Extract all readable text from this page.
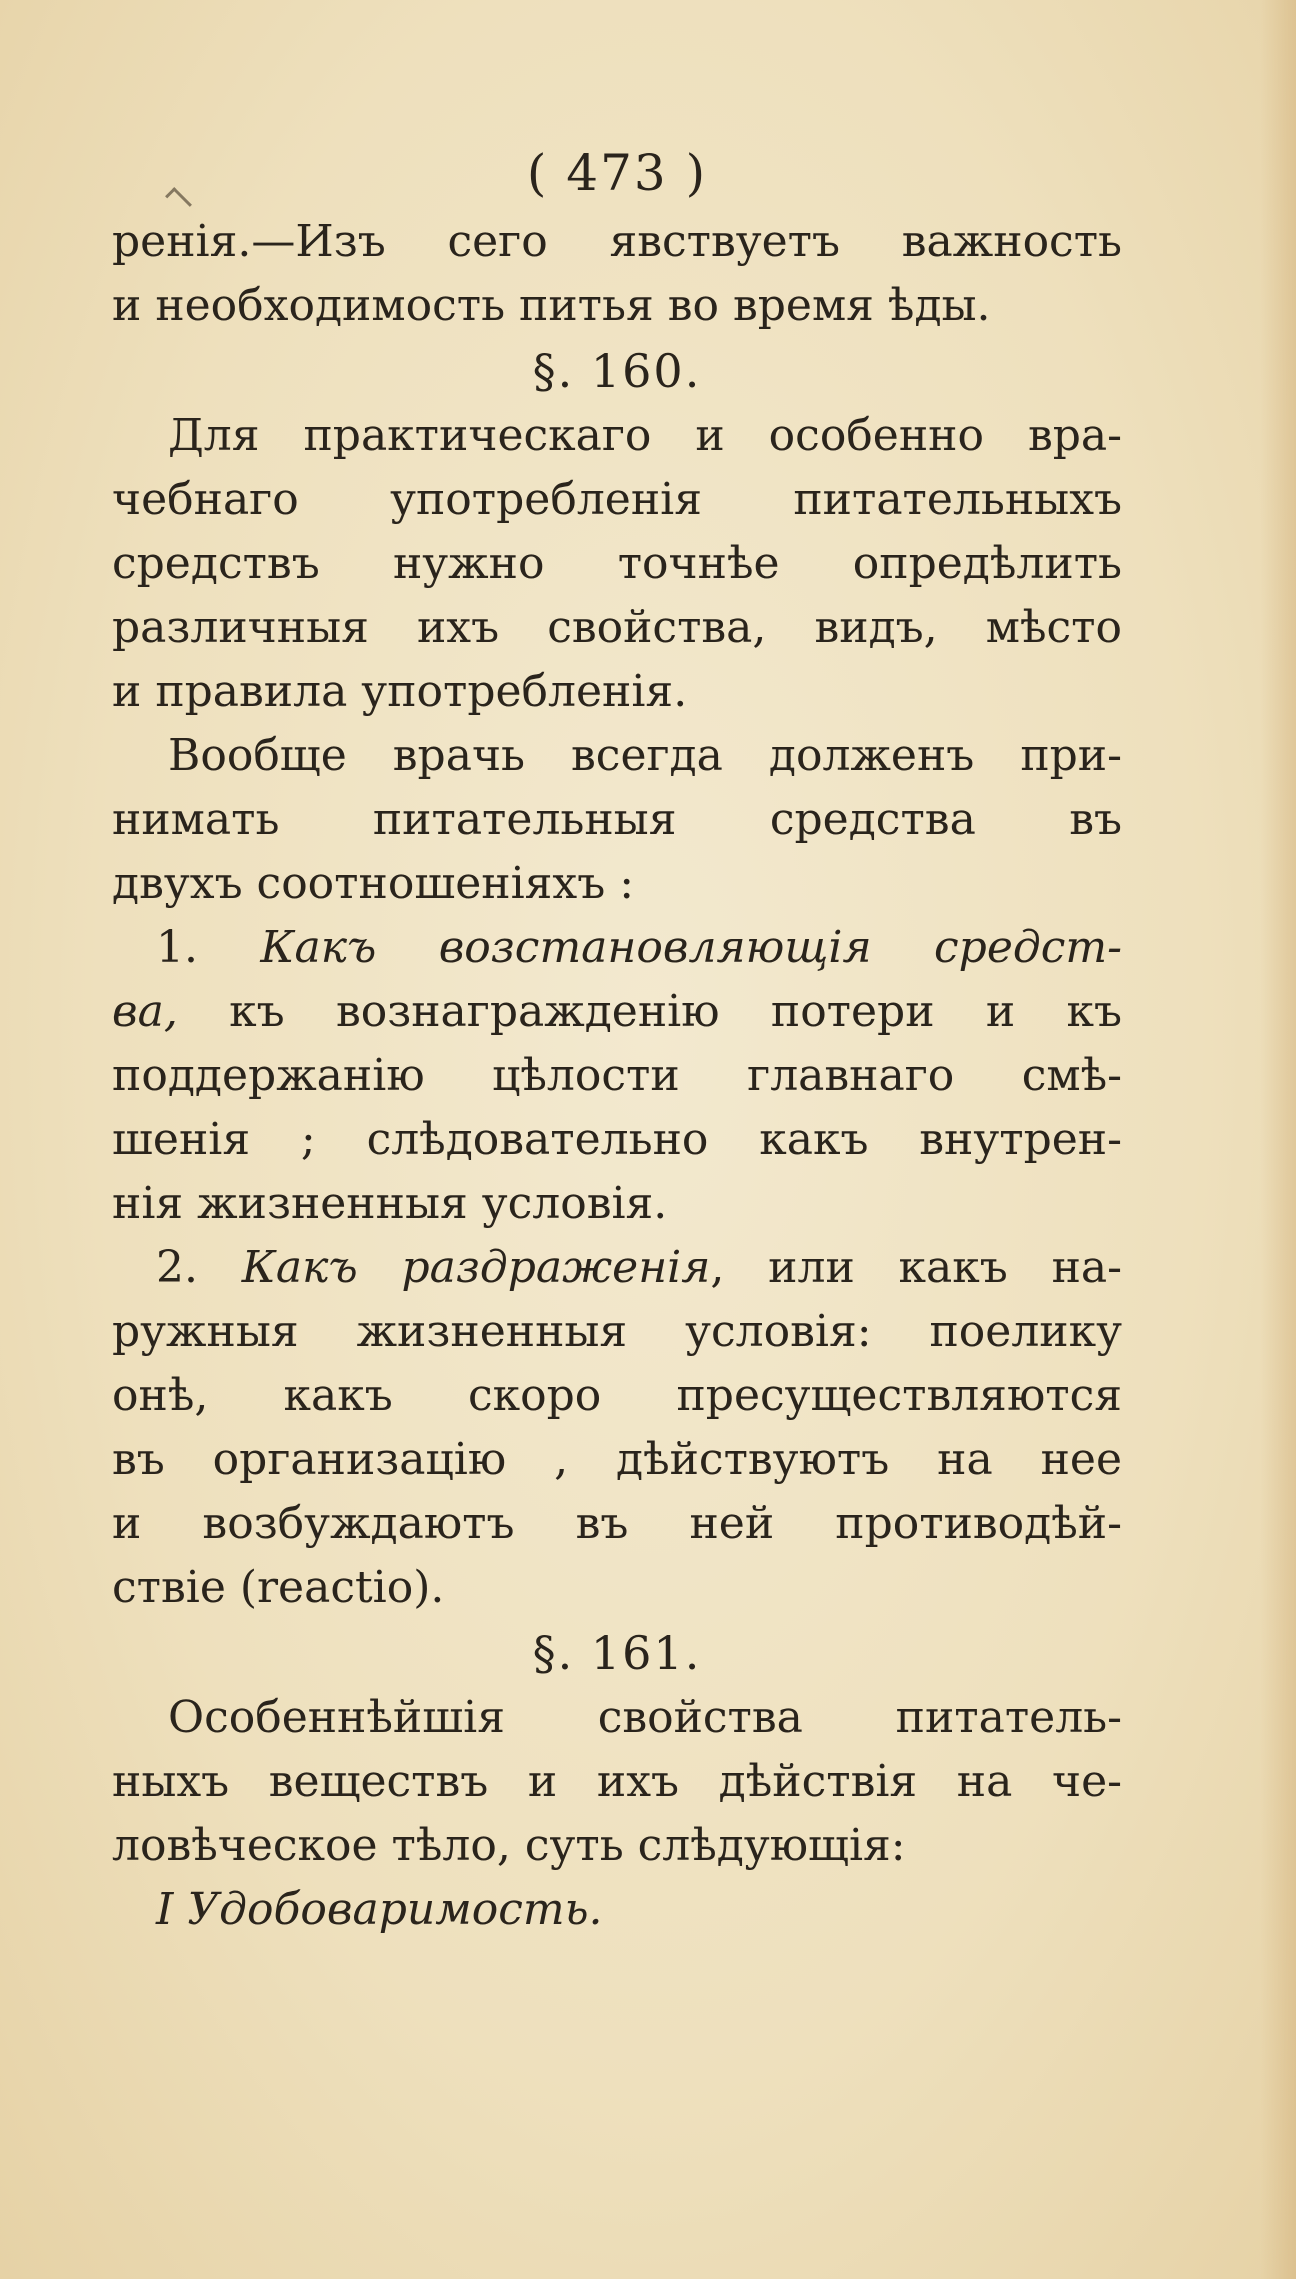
( 473 )
ренія.—Изъ сего явствуетъ важность
и необходимость питья во время ѣды.
§. 160.
Для практическаго и особенно вра-
чебнаго употребленія питательныхъ
средствъ нужно точнѣе опредѣлить
различныя ихъ свойства, видъ, мѣсто
и правила употребленія.
Вообще врачь всегда долженъ при-
нимать питательныя средства въ
двухъ соотношеніяхъ :
1. Какъ возстановляющія средст-
ва, къ вознагражденію потери и къ
поддержанію цѣлости главнаго смѣ-
шенія ; слѣдовательно какъ внутрен-
нія жизненныя условія.
2. Какъ раздраженія, или какъ на-
ружныя жизненныя условія: поелику
онѣ, какъ скоро пресуществляются
въ организацію , дѣйствуютъ на нее
и возбуждаютъ въ ней противодѣй-
ствіе (reactio).
§. 161.
Особеннѣйшія свойства питатель-
ныхъ веществъ и ихъ дѣйствія на че-
ловѣческое тѣло, суть слѣдующія:
I Удобоваримость.
